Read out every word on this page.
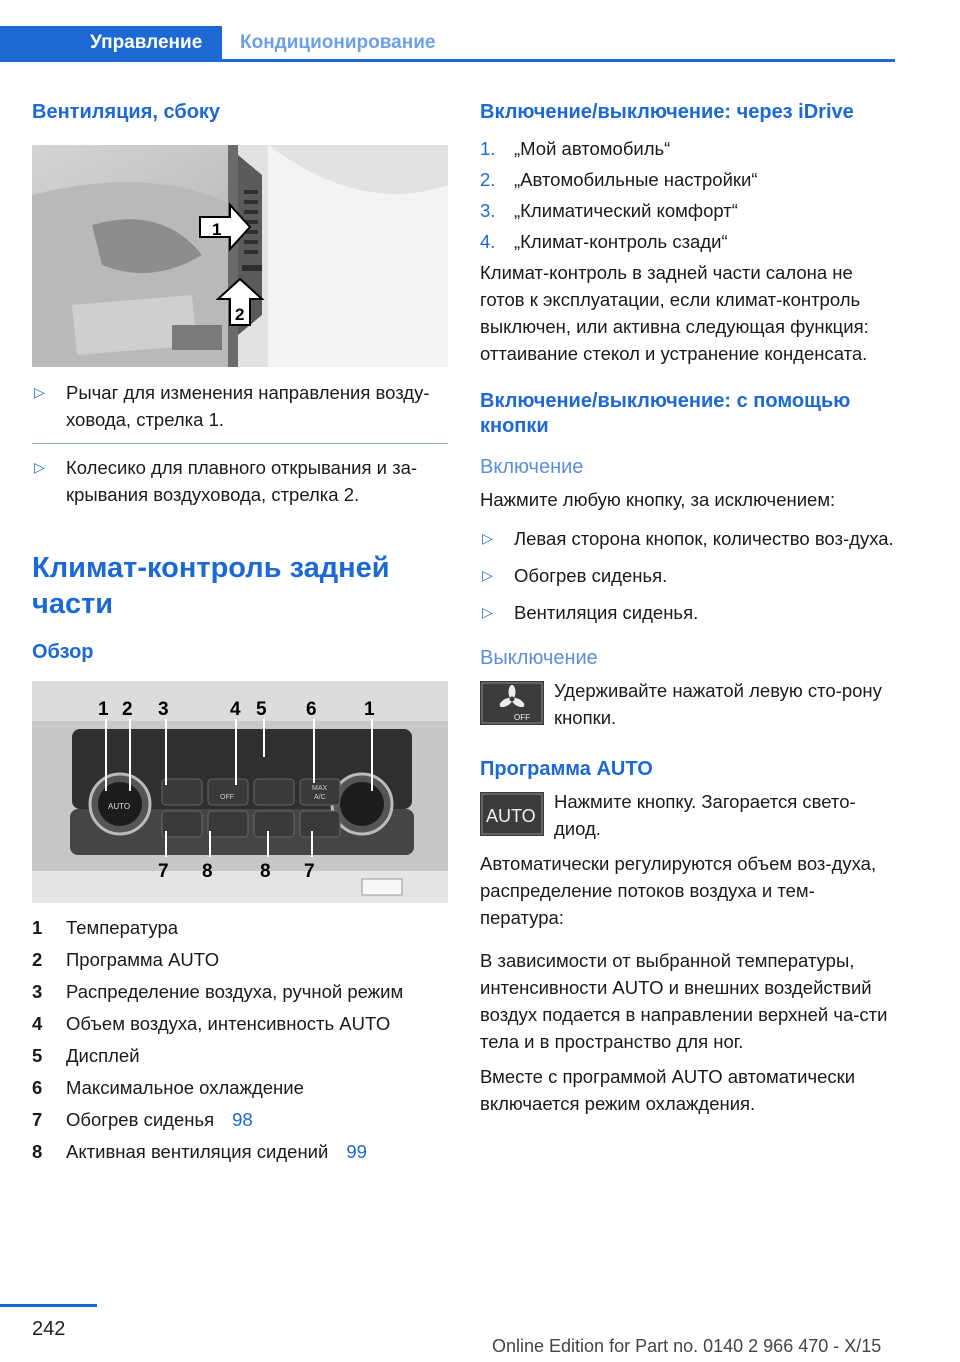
Управление	Кондиционирование
Вентиляция, сбоку
1
2
▷ Рычаг для изменения направления возду-ховода, стрелка 1.
▷ Колесико для плавного открывания и за-крывания воздуховода, стрелка 2.
Климат-контроль задней части
Обзор
AUTO
OFF
MAX
A/C
1 2 3	4 5 6 1
7 8 8 7
1	Температура
2	Программа AUTO
3	Распределение воздуха, ручной режим
4	Объем воздуха, интенсивность AUTO
5	Дисплей
6	Максимальное охлаждение
7	Обогрев сиденья 98
8	Активная вентиляция сидений 99
Включение/выключение: через iDrive
1. „Мой автомобиль“
2. „Автомобильные настройки“
3. „Климатический комфорт“
4. „Климат-контроль сзади“

Климат-контроль в задней части салона не готов к эксплуатации, если климат-контроль выключен, или активна следующая функция: оттаивание стекол и устранение конденсата.

Включение/выключение: с помощью кнопки
Включение

Нажмите любую кнопку, за исключением:

▷ Левая сторона кнопок, количество воз-духа.
▷ Обогрев сиденья.
▷ Вентиляция сиденья.
Выключение
OFF

Удерживайте нажатой левую сто-рону кнопки.

Программа AUTO
AUTO

Нажмите кнопку. Загорается свето-диод.

Автоматически регулируются объем воз-духа, распределение потоков воздуха и тем-пература:

В зависимости от выбранной температуры, интенсивности AUTO и внешних воздействий воздух подается в направлении верхней ча-сти тела и в пространство для ног.

Вместе с программой AUTO автоматически включается режим охлаждения.

242
Online Edition for Part no. 0140 2 966 470 - X/15
